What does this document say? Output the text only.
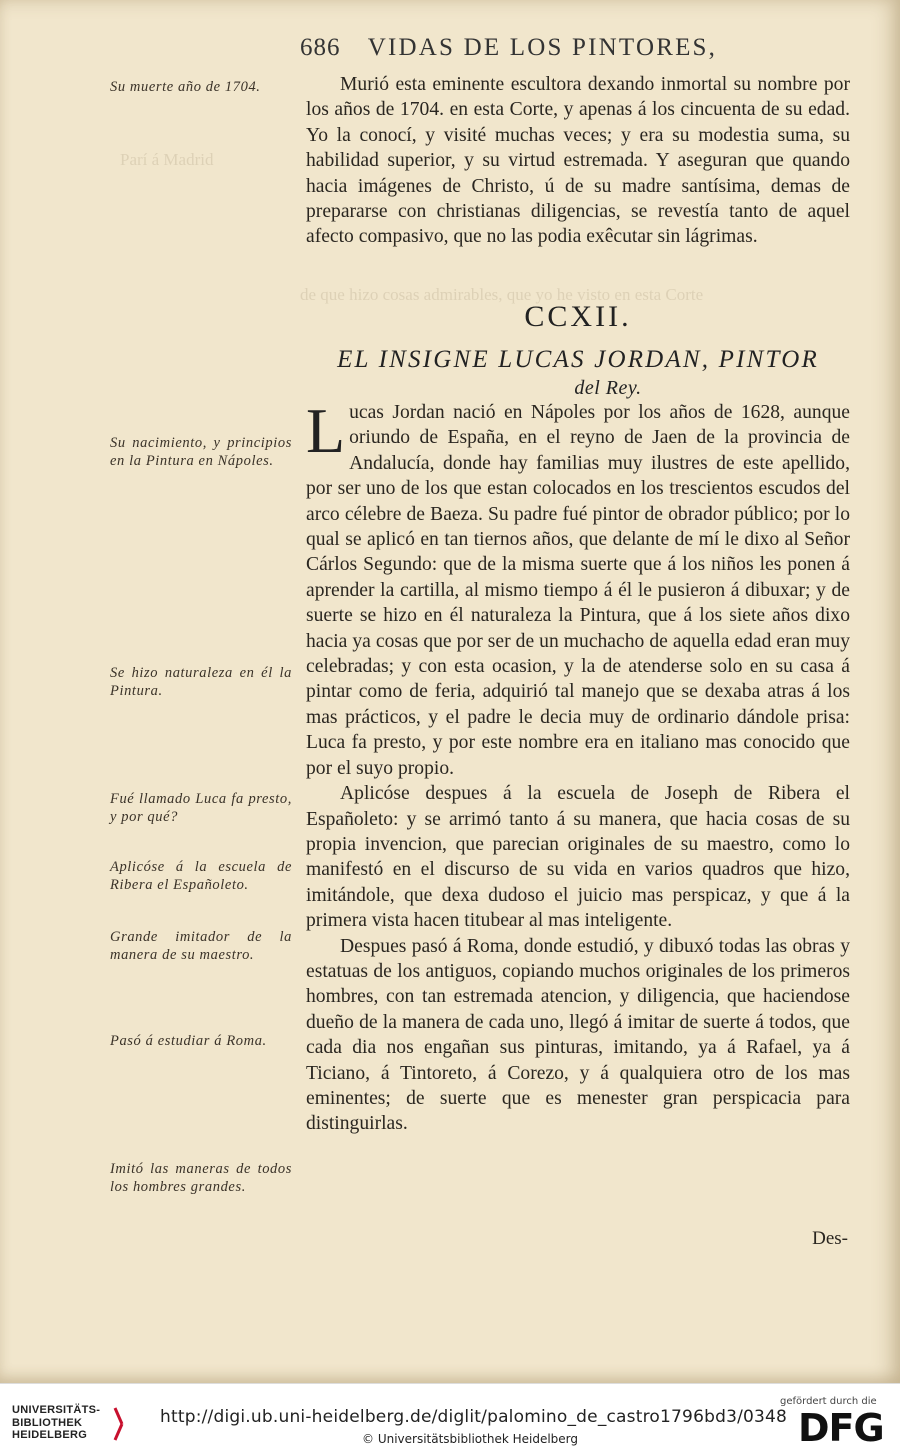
Parí á Madrid
de que hizo cosas admirables, que yo he visto en esta Corte
686 VIDAS DE LOS PINTORES,

Murió esta eminente escultora dexando inmortal su nombre por los años de 1704. en esta Corte, y apenas á los cincuenta de su edad. Yo la conocí, y visité muchas veces; y era su modestia suma, su habilidad superior, y su virtud estremada. Y aseguran que quando hacia imágenes de Christo, ú de su madre santísima, demas de prepararse con christianas diligencias, se revestía tanto de aquel afecto compasivo, que no las podia exêcutar sin lágrimas.

CCXII.
EL INSIGNE LUCAS JORDAN, PINTOR
del Rey.

Lucas Jordan nació en Nápoles por los años de 1628, aunque oriundo de España, en el reyno de Jaen de la provincia de Andalucía, donde hay familias muy ilustres de este apellido, por ser uno de los que estan colocados en los trescientos escudos del arco célebre de Baeza. Su padre fué pintor de obrador público; por lo qual se aplicó en tan tiernos años, que delante de mí le dixo al Señor Cárlos Segundo: que de la misma suerte que á los niños les ponen á aprender la cartilla, al mismo tiempo á él le pusieron á dibuxar; y de suerte se hizo en él naturaleza la Pintura, que á los siete años dixo hacia ya cosas que por ser de un muchacho de aquella edad eran muy celebradas; y con esta ocasion, y la de atenderse solo en su casa á pintar como de feria, adquirió tal manejo que se dexaba atras á los mas prácticos, y el padre le decia muy de ordinario dándole prisa: Luca fa presto, y por este nombre era en italiano mas conocido que por el suyo propio.

Aplicóse despues á la escuela de Joseph de Ribera el Españoleto: y se arrimó tanto á su manera, que hacia cosas de su propia invencion, que parecian originales de su maestro, como lo manifestó en el discurso de su vida en varios quadros que hizo, imitándole, que dexa dudoso el juicio mas perspicaz, y que á la primera vista hacen titubear al mas inteligente.

Despues pasó á Roma, donde estudió, y dibuxó todas las obras y estatuas de los antiguos, copiando muchos originales de los primeros hombres, con tan estremada atencion, y diligencia, que haciendose dueño de la manera de cada uno, llegó á imitar de suerte á todos, que cada dia nos engañan sus pinturas, imitando, ya á Rafael, ya á Ticiano, á Tintoreto, á Corezo, y á qualquiera otro de los mas eminentes; de suerte que es menester gran perspicacia para distinguirlas.

Su muerte año de 1704.
Su nacimiento, y principios en la Pintura en Nápoles.
Se hizo naturaleza en él la Pintura.
Fué llamado Luca fa presto, y por qué?
Aplicóse á la escuela de Ribera el Españoleto.
Grande imitador de la manera de su maestro.
Pasó á estudiar á Roma.
Imitó las maneras de todos los hombres grandes.
Des-
UNIVERSITÄTS-
BIBLIOTHEK
HEIDELBERG
http://digi.ub.uni-heidelberg.de/diglit/palomino_de_castro1796bd3/0348
© Universitätsbibliothek Heidelberg
gefördert durch die
DFG
